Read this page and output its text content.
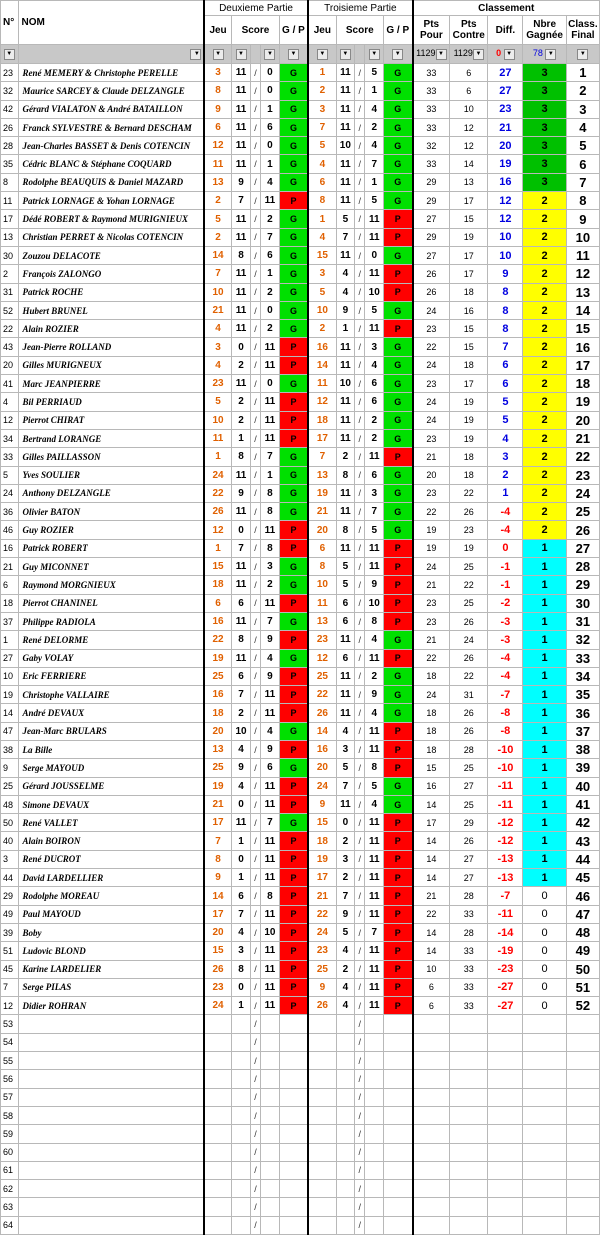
N°	NOM	Deuxieme Partie					Troisieme Partie					Classement				
		Jeu	Score			G / P	Jeu	Score			G / P	Pts Pour	Pts Contre	Diff.	Nbre Gagnée	Class. Final
▼	▼	▼	▼		▼	▼	▼	▼		▼	▼	1129 ▼	1129 ▼	0 ▼	78 ▼	▼
23	René MEMERY & Christophe PERELLE	3	11	/	0	G	1	11	/	5	G	33	6	27	3	1
32	Maurice SARCEY & Claude DELZANGLE	8	11	/	0	G	2	11	/	1	G	33	6	27	3	2
42	Gérard VIALATON & André BATAILLON	9	11	/	1	G	3	11	/	4	G	33	10	23	3	3
26	Franck SYLVESTRE & Bernard DESCHAM	6	11	/	6	G	7	11	/	2	G	33	12	21	3	4
28	Jean-Charles BASSET & Denis COTENCIN	12	11	/	0	G	5	10	/	4	G	32	12	20	3	5
35	Cédric BLANC & Stéphane COQUARD	11	11	/	1	G	4	11	/	7	G	33	14	19	3	6
8	Rodolphe BEAUQUIS & Daniel MAZARD	13	9	/	4	G	6	11	/	1	G	29	13	16	3	7
11	Patrick LORNAGE & Yohan LORNAGE	2	7	/	11	P	8	11	/	5	G	29	17	12	2	8
17	Dédé ROBERT & Raymond MURIGNIEUX	5	11	/	2	G	1	5	/	11	P	27	15	12	2	9
13	Christian PERRET & Nicolas COTENCIN	2	11	/	7	G	4	7	/	11	P	29	19	10	2	10
30	Zouzou DELACOTE	14	8	/	6	G	15	11	/	0	G	27	17	10	2	11
2	François ZALONGO	7	11	/	1	G	3	4	/	11	P	26	17	9	2	12
31	Patrick ROCHE	10	11	/	2	G	5	4	/	10	P	26	18	8	2	13
52	Hubert BRUNEL	21	11	/	0	G	10	9	/	5	G	24	16	8	2	14
22	Alain ROZIER	4	11	/	2	G	2	1	/	11	P	23	15	8	2	15
43	Jean-Pierre ROLLAND	3	0	/	11	P	16	11	/	3	G	22	15	7	2	16
20	Gilles MURIGNEUX	4	2	/	11	P	14	11	/	4	G	24	18	6	2	17
41	Marc JEANPIERRE	23	11	/	0	G	11	10	/	6	G	23	17	6	2	18
4	Bil PERRIAUD	5	2	/	11	P	12	11	/	6	G	24	19	5	2	19
12	Pierrot CHIRAT	10	2	/	11	P	18	11	/	2	G	24	19	5	2	20
34	Bertrand LORANGE	11	1	/	11	P	17	11	/	2	G	23	19	4	2	21
33	Gilles PAILLASSON	1	8	/	7	G	7	2	/	11	P	21	18	3	2	22
5	Yves SOULIER	24	11	/	1	G	13	8	/	6	G	20	18	2	2	23
24	Anthony DELZANGLE	22	9	/	8	G	19	11	/	3	G	23	22	1	2	24
36	Olivier BATON	26	11	/	8	G	21	11	/	7	G	22	26	-4	2	25
46	Guy ROZIER	12	0	/	11	P	20	8	/	5	G	19	23	-4	2	26
16	Patrick ROBERT	1	7	/	8	P	6	11	/	11	P	19	19	0	1	27
21	Guy MICONNET	15	11	/	3	G	8	5	/	11	P	24	25	-1	1	28
6	Raymond MORGNIEUX	18	11	/	2	G	10	5	/	9	P	21	22	-1	1	29
18	Pierrot CHANINEL	6	6	/	11	P	11	6	/	10	P	23	25	-2	1	30
37	Philippe RADIOLA	16	11	/	7	G	13	6	/	8	P	23	26	-3	1	31
1	René DELORME	22	8	/	9	P	23	11	/	4	G	21	24	-3	1	32
27	Gaby VOLAY	19	11	/	4	G	12	6	/	11	P	22	26	-4	1	33
10	Eric FERRIERE	25	6	/	9	P	25	11	/	2	G	18	22	-4	1	34
19	Christophe VALLAIRE	16	7	/	11	P	22	11	/	9	G	24	31	-7	1	35
14	André DEVAUX	18	2	/	11	P	26	11	/	4	G	18	26	-8	1	36
47	Jean-Marc BRULARS	20	10	/	4	G	14	4	/	11	P	18	26	-8	1	37
38	La Bille	13	4	/	9	P	16	3	/	11	P	18	28	-10	1	38
9	Serge MAYOUD	25	9	/	6	G	20	5	/	8	P	15	25	-10	1	39
25	Gérard JOUSSELME	19	4	/	11	P	24	7	/	5	G	16	27	-11	1	40
48	Simone DEVAUX	21	0	/	11	P	9	11	/	4	G	14	25	-11	1	41
50	René VALLET	17	11	/	7	G	15	0	/	11	P	17	29	-12	1	42
40	Alain BOIRON	7	1	/	11	P	18	2	/	11	P	14	26	-12	1	43
3	René DUCROT	8	0	/	11	P	19	3	/	11	P	14	27	-13	1	44
44	David LARDELLIER	9	1	/	11	P	17	2	/	11	P	14	27	-13	1	45
29	Rodolphe MOREAU	14	6	/	8	P	21	7	/	11	P	21	28	-7	0	46
49	Paul MAYOUD	17	7	/	11	P	22	9	/	11	P	22	33	-11	0	47
39	Boby	20	4	/	10	P	24	5	/	7	P	14	28	-14	0	48
51	Ludovic BLOND	15	3	/	11	P	23	4	/	11	P	14	33	-19	0	49
45	Karine LARDELIER	26	8	/	11	P	25	2	/	11	P	10	33	-23	0	50
7	Serge PILAS	23	0	/	11	P	9	4	/	11	P	6	33	-27	0	51
12	Didier ROHRAN	24	1	/	11	P	26	4	/	11	P	6	33	-27	0	52
53				/					/							
54				/					/							
55				/					/							
56				/					/							
57				/					/							
58				/					/							
59				/					/							
60				/					/							
61				/					/							
62				/					/							
63				/					/							
64				/					/							
